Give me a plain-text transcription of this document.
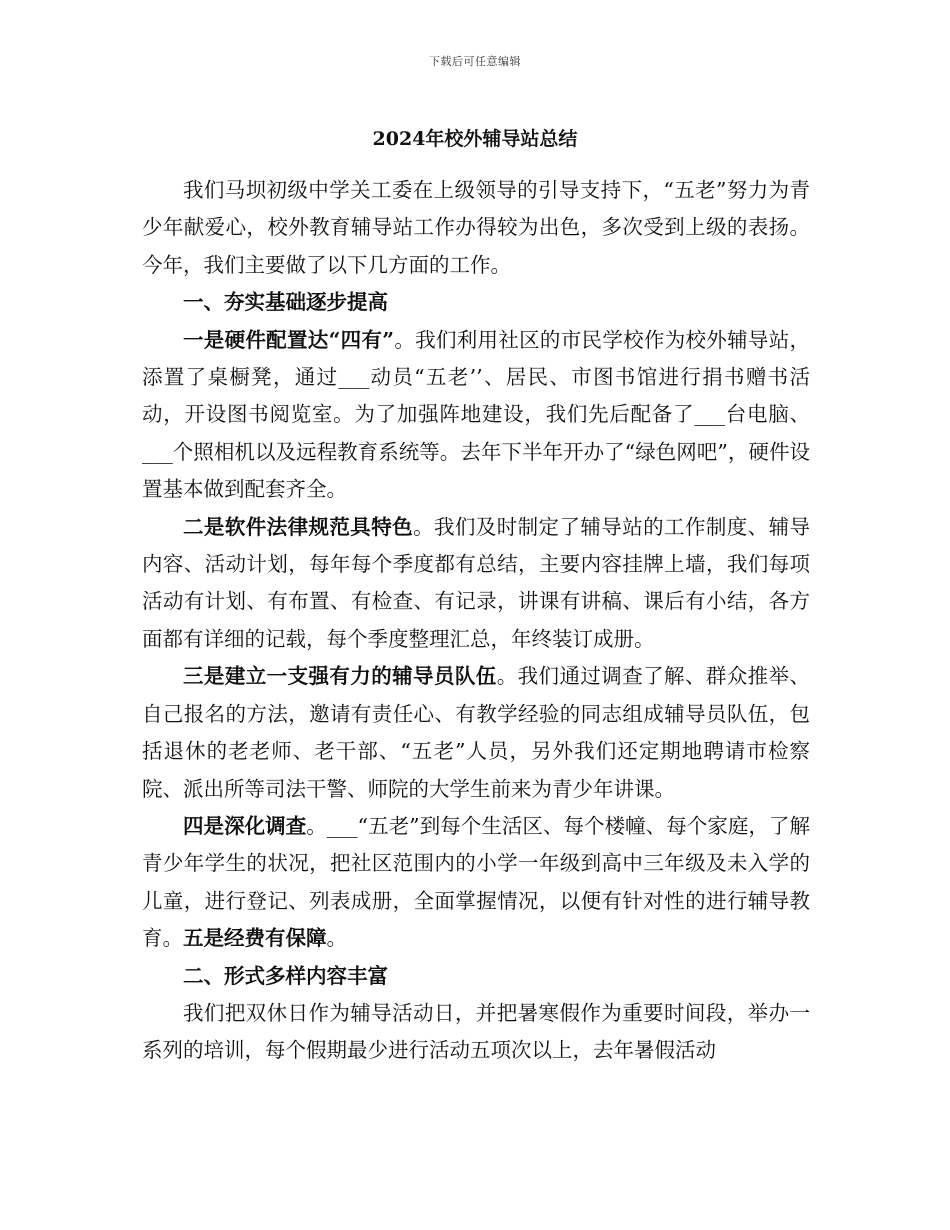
下载后可任意编辑
2024年校外辅导站总结

我们马坝初级中学关工委在上级领导的引导支持下，“五老”努力为青少年献爱心，校外教育辅导站工作办得较为出色，多次受到上级的表扬。今年，我们主要做了以下几方面的工作。

一、夯实基础逐步提高

一是硬件配置达“四有”。我们利用社区的市民学校作为校外辅导站，添置了桌橱凳，通过___动员“五老’’、居民、市图书馆进行捐书赠书活动，开设图书阅览室。为了加强阵地建设，我们先后配备了___台电脑、___个照相机以及远程教育系统等。去年下半年开办了“绿色网吧”，硬件设置基本做到配套齐全。

二是软件法律规范具特色。我们及时制定了辅导站的工作制度、辅导内容、活动计划，每年每个季度都有总结，主要内容挂牌上墙，我们每项活动有计划、有布置、有检查、有记录，讲课有讲稿、课后有小结，各方面都有详细的记载，每个季度整理汇总，年终装订成册。

三是建立一支强有力的辅导员队伍。我们通过调查了解、群众推举、自己报名的方法，邀请有责任心、有教学经验的同志组成辅导员队伍，包括退休的老老师、老干部、“五老”人员，另外我们还定期地聘请市检察院、派出所等司法干警、师院的大学生前来为青少年讲课。

四是深化调查。___“五老”到每个生活区、每个楼幢、每个家庭，了解青少年学生的状况，把社区范围内的小学一年级到高中三年级及未入学的儿童，进行登记、列表成册，全面掌握情况，以便有针对性的进行辅导教育。五是经费有保障。

二、形式多样内容丰富

我们把双休日作为辅导活动日，并把暑寒假作为重要时间段，举办一系列的培训，每个假期最少进行活动五项次以上，去年暑假活动
